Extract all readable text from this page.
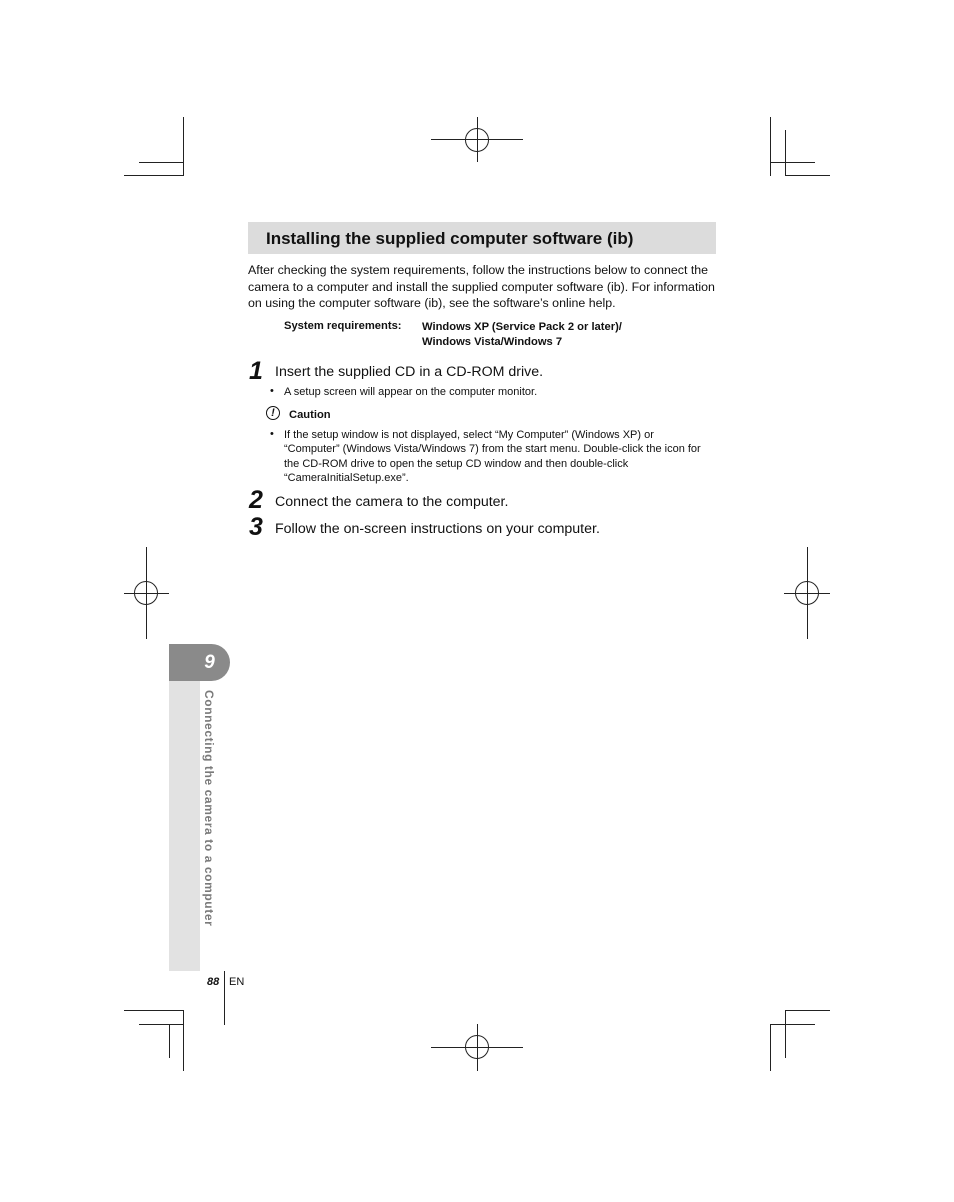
Installing the supplied computer software (ib)
After checking the system requirements, follow the instructions below to connect the camera to a computer and install the supplied computer software (ib). For information on using the computer software (ib), see the software’s online help.
System requirements: Windows XP (Service Pack 2 or later)/
Windows Vista/Windows 7
1 Insert the supplied CD in a CD-ROM drive.
• A setup screen will appear on the computer monitor.
!	Caution
• If the setup window is not displayed, select “My Computer” (Windows XP) or “Computer” (Windows Vista/Windows 7) from the start menu. Double-click the icon for the CD-ROM drive to open the setup CD window and then double-click “CameraInitialSetup.exe”.
2 Connect the camera to the computer.
3 Follow the on-screen instructions on your computer.
9
Connecting the camera to a computer
88 EN
